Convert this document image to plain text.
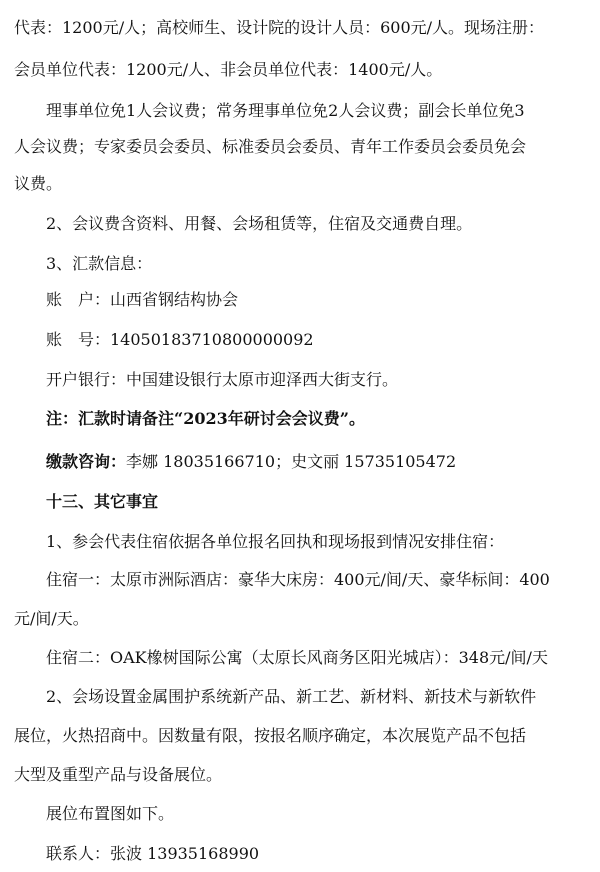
代表：1200元/人；高校师生、设计院的设计人员：600元/人。现场注册：
会员单位代表：1200元/人、非会员单位代表：1400元/人。
理事单位免1人会议费；常务理事单位免2人会议费；副会长单位免3
人会议费；专家委员会委员、标准委员会委员、青年工作委员会委员免会
议费。
2、会议费含资料、用餐、会场租赁等，住宿及交通费自理。
3、汇款信息：
账　户：山西省钢结构协会
账　号：14050183710800000092
开户银行：中国建设银行太原市迎泽西大街支行。
注：汇款时请备注“2023年研讨会会议费”。
缴款咨询：李娜 18035166710；史文丽 15735105472
十三、其它事宜
1、参会代表住宿依据各单位报名回执和现场报到情况安排住宿：
住宿一：太原市洲际酒店：豪华大床房：400元/间/天、豪华标间：400
元/间/天。
住宿二：OAK橡树国际公寓（太原长风商务区阳光城店）：348元/间/天
2、会场设置金属围护系统新产品、新工艺、新材料、新技术与新软件
展位，火热招商中。因数量有限，按报名顺序确定，本次展览产品不包括
大型及重型产品与设备展位。
展位布置图如下。
联系人：张波 13935168990
